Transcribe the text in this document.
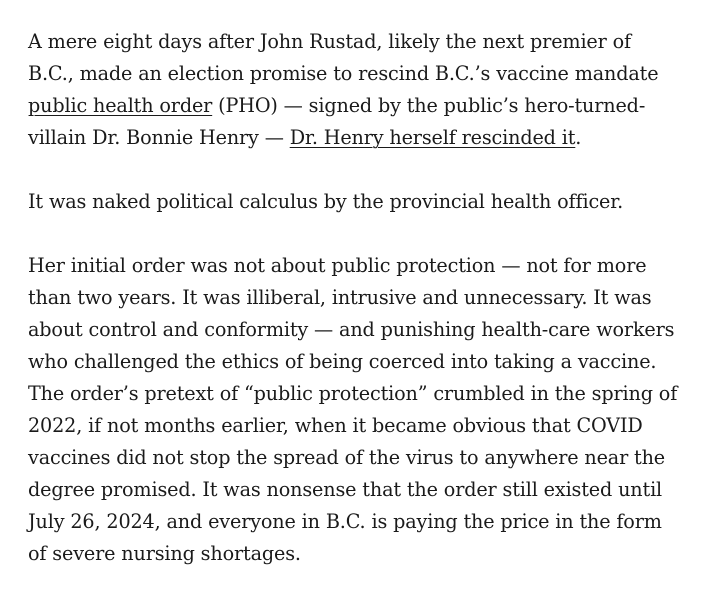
A mere eight days after John Rustad, likely the next premier of B.C., made an election promise to rescind B.C.’s vaccine mandate public health order (PHO) — signed by the public’s hero-turned-villain Dr. Bonnie Henry — Dr. Henry herself rescinded it.

It was naked political calculus by the provincial health officer.

Her initial order was not about public protection — not for more than two years. It was illiberal, intrusive and unnecessary. It was about control and conformity — and punishing health-care workers who challenged the ethics of being coerced into taking a vaccine. The order’s pretext of “public protection” crumbled in the spring of 2022, if not months earlier, when it became obvious that COVID vaccines did not stop the spread of the virus to anywhere near the degree promised. It was nonsense that the order still existed until July 26, 2024, and everyone in B.C. is paying the price in the form of severe nursing shortages.
